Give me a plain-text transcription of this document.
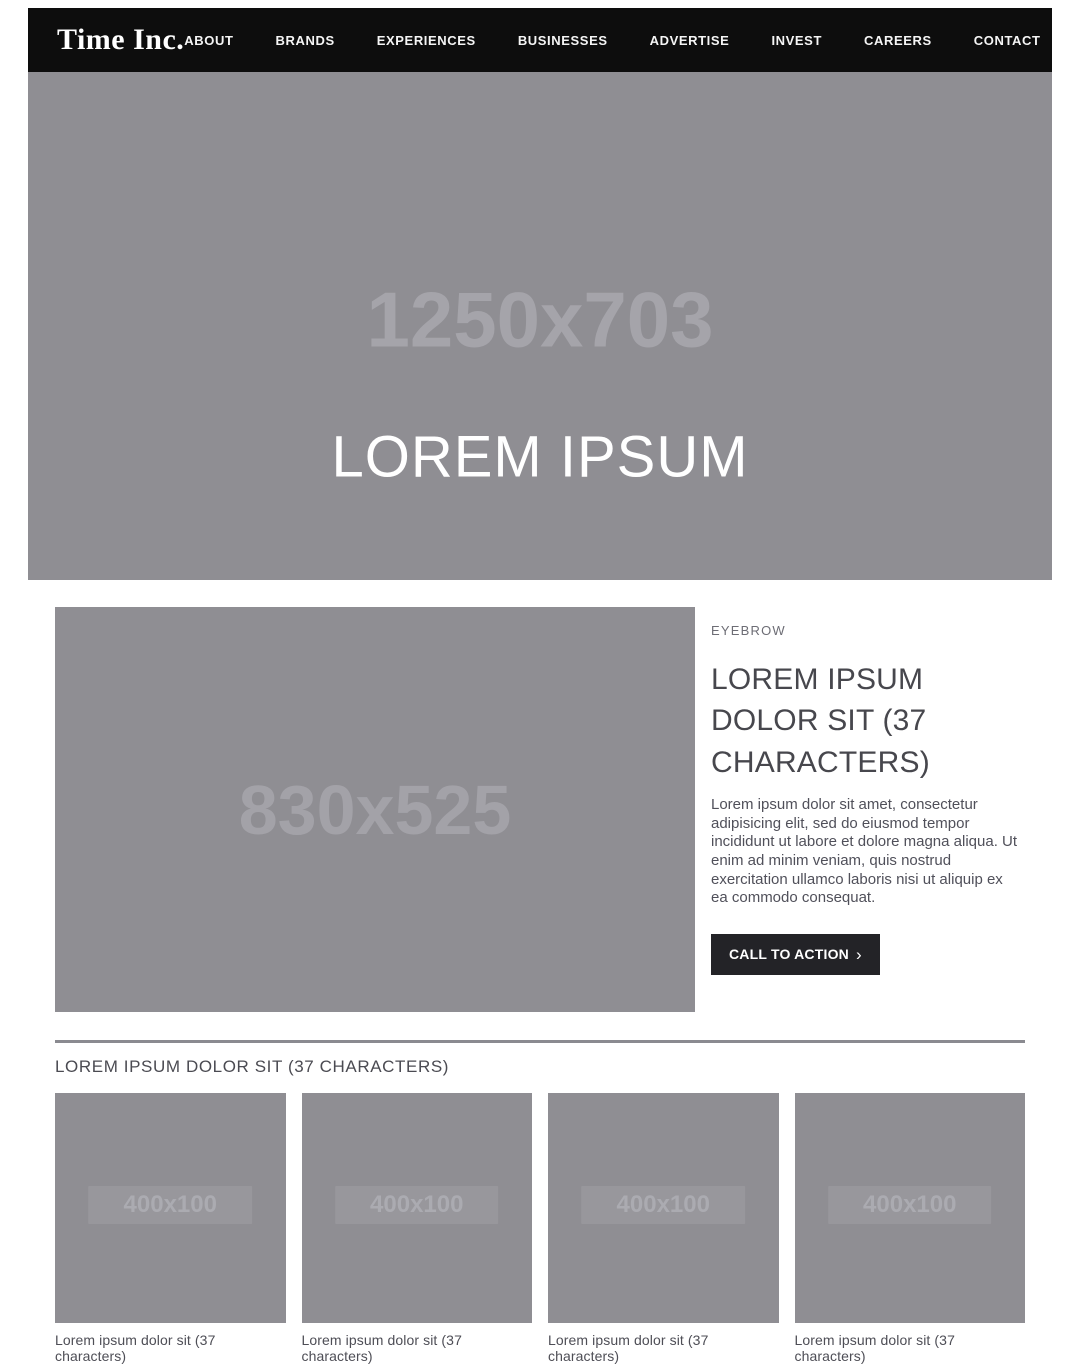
Time Inc. ABOUT	BRANDS	EXPERIENCES	BUSINESSES	ADVERTISE	INVEST	CAREERS	CONTACT
1250x703
LOREM IPSUM
830x525
EYEBROW
LOREM IPSUM DOLOR SIT (37 CHARACTERS)

Lorem ipsum dolor sit amet, consectetur adipisicing elit, sed do eiusmod tempor incididunt ut labore et dolore magna aliqua. Ut enim ad minim veniam, quis nostrud exercitation ullamco laboris nisi ut aliquip ex ea commodo consequat.

CALL TO ACTION ›
LOREM IPSUM DOLOR SIT (37 CHARACTERS)
400x100
Lorem ipsum dolor sit (37 characters)
400x100
Lorem ipsum dolor sit (37 characters)
400x100
Lorem ipsum dolor sit (37 characters)
400x100
Lorem ipsum dolor sit (37 characters)
